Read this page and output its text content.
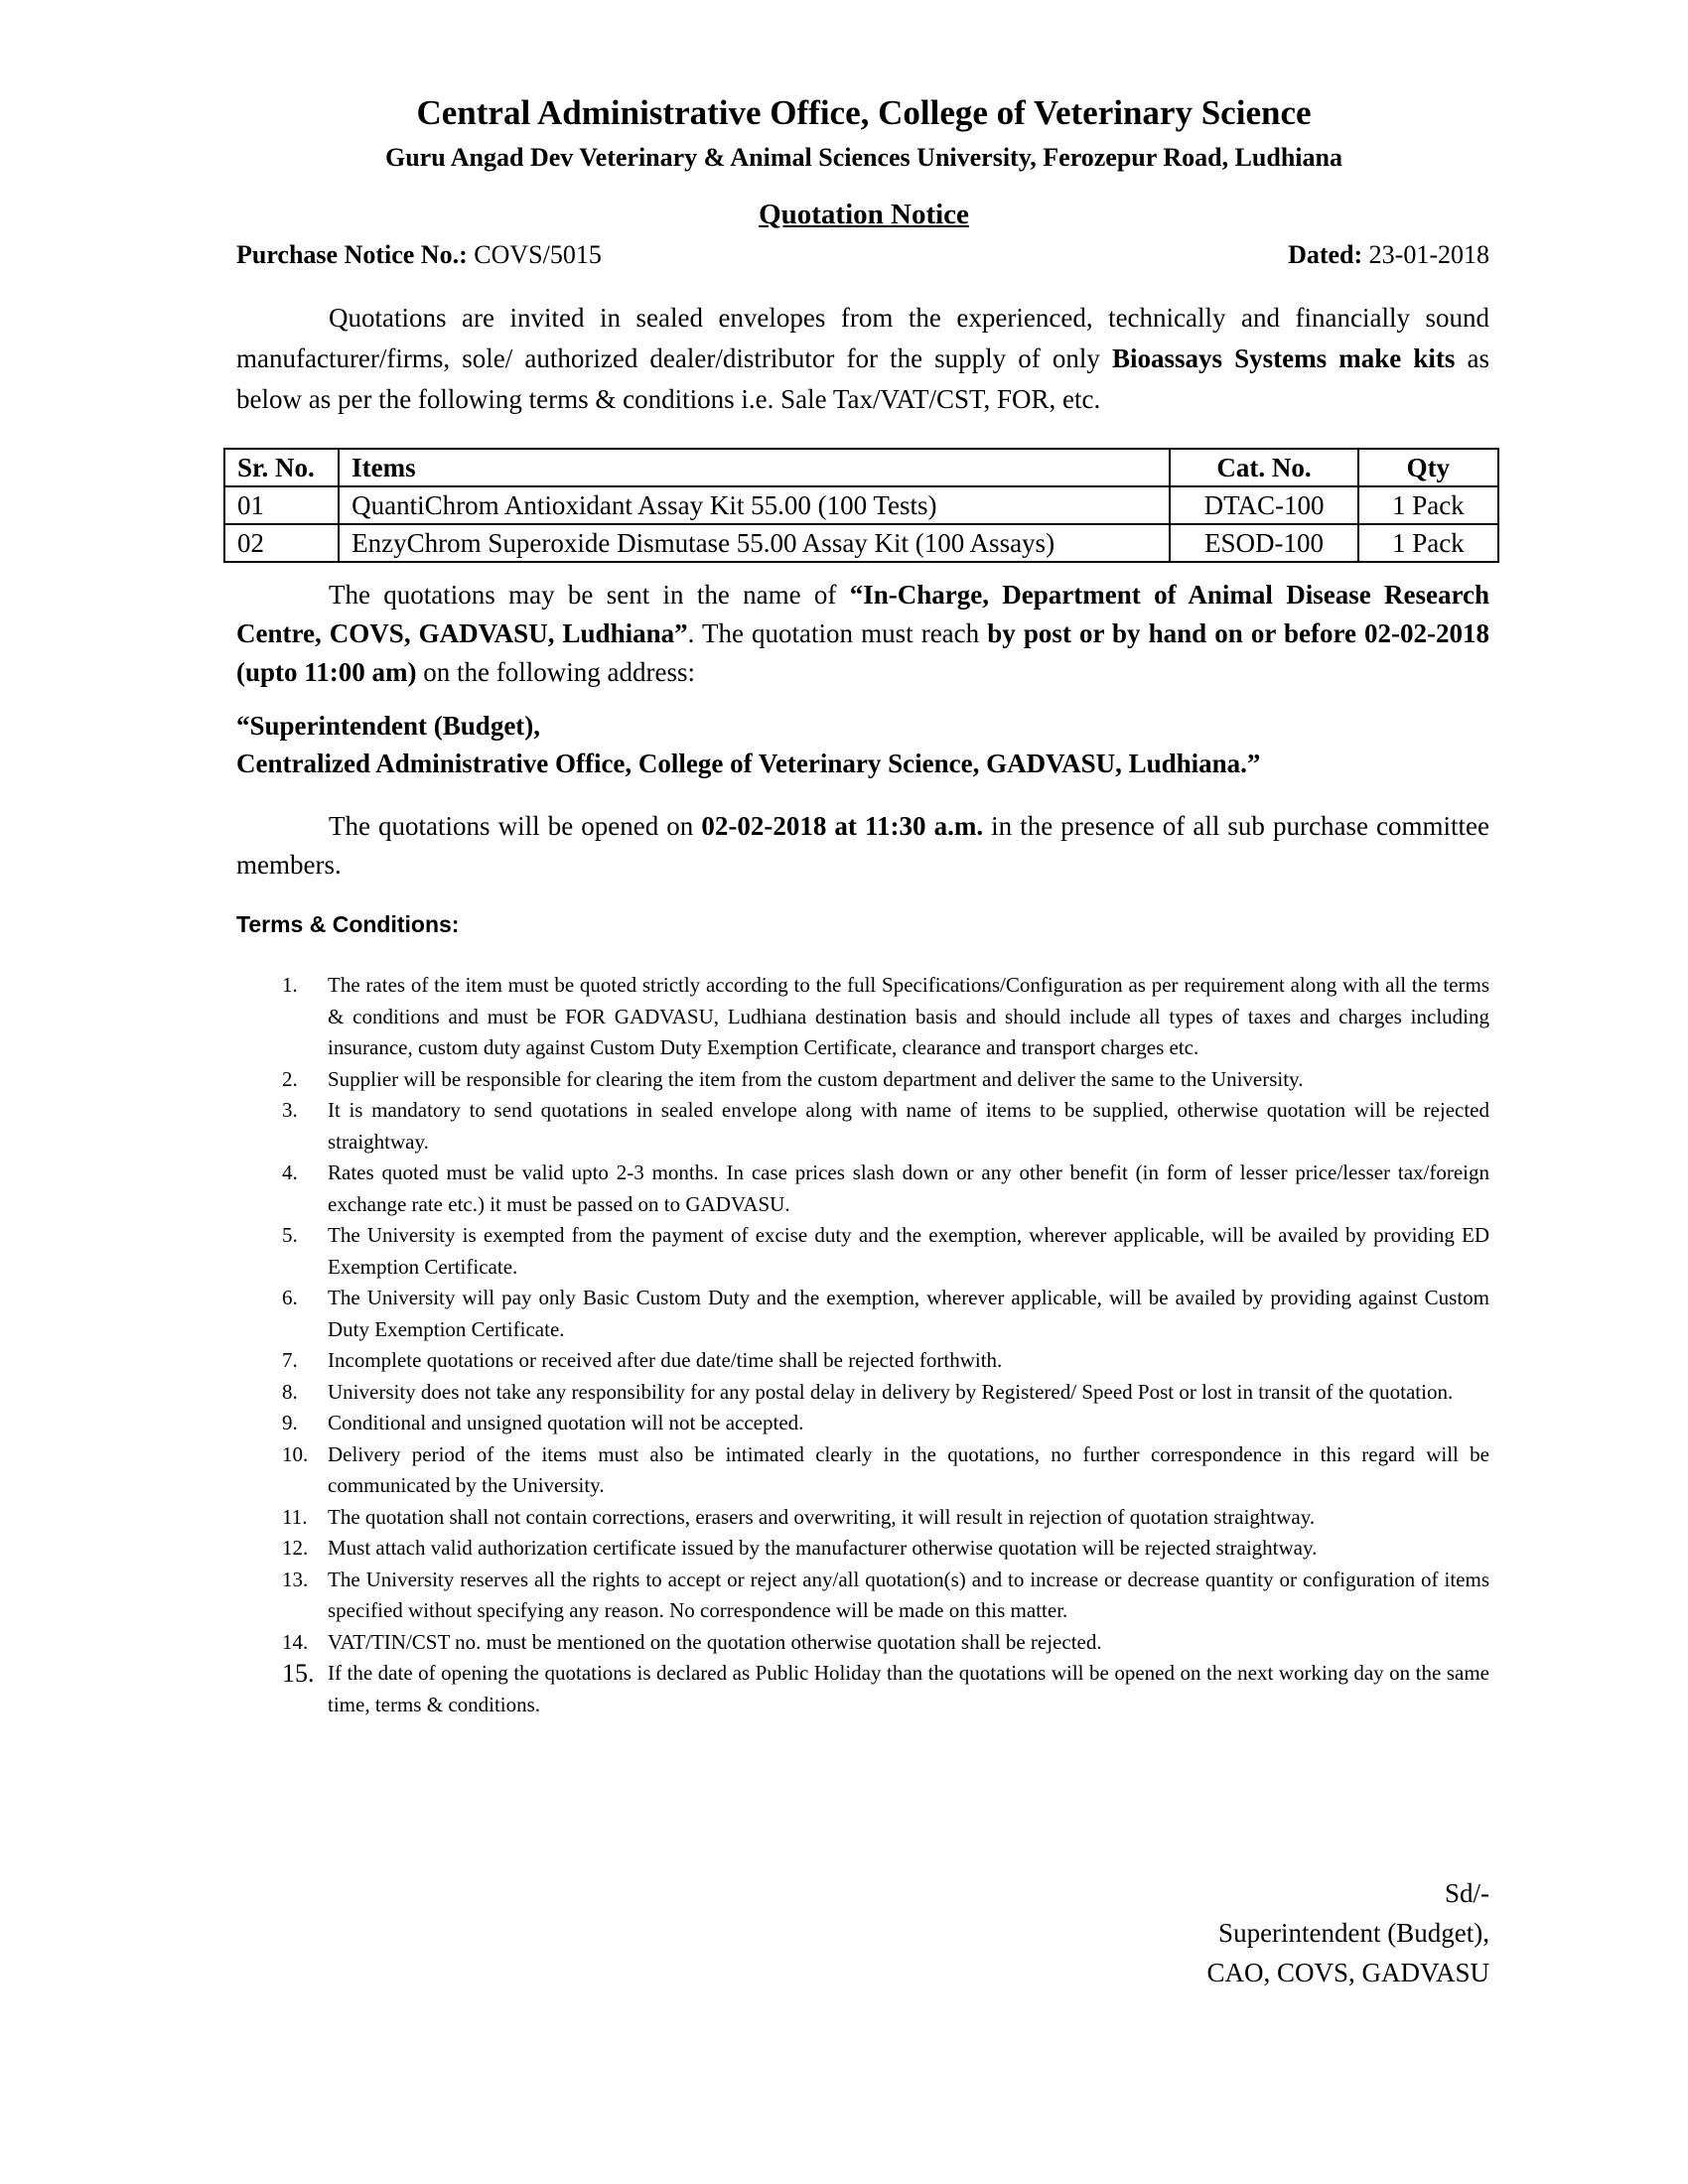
Central Administrative Office, College of Veterinary Science
Guru Angad Dev Veterinary & Animal Sciences University, Ferozepur Road, Ludhiana
Quotation Notice
Purchase Notice No.: COVS/5015	Dated: 23-01-2018

Quotations are invited in sealed envelopes from the experienced, technically and financially sound manufacturer/firms, sole/ authorized dealer/distributor for the supply of only Bioassays Systems make kits as below as per the following terms & conditions i.e. Sale Tax/VAT/CST, FOR, etc.

Sr. No.	Items	Cat. No.	Qty
01	QuantiChrom Antioxidant Assay Kit 55.00 (100 Tests)	DTAC-100	1 Pack
02	EnzyChrom Superoxide Dismutase 55.00 Assay Kit (100 Assays)	ESOD-100	1 Pack

The quotations may be sent in the name of “In-Charge, Department of Animal Disease Research Centre, COVS, GADVASU, Ludhiana”. The quotation must reach by post or by hand on or before 02-02-2018 (upto 11:00 am) on the following address:

“Superintendent (Budget),
Centralized Administrative Office, College of Veterinary Science, GADVASU, Ludhiana.”

The quotations will be opened on 02-02-2018 at 11:30 a.m. in the presence of all sub purchase committee members.

Terms & Conditions:
1.	The rates of the item must be quoted strictly according to the full Specifications/Configuration as per requirement along with all the terms & conditions and must be FOR GADVASU, Ludhiana destination basis and should include all types of taxes and charges including insurance, custom duty against Custom Duty Exemption Certificate, clearance and transport charges etc.
2.	Supplier will be responsible for clearing the item from the custom department and deliver the same to the University.
3.	It is mandatory to send quotations in sealed envelope along with name of items to be supplied, otherwise quotation will be rejected straightway.
4.	Rates quoted must be valid upto 2-3 months. In case prices slash down or any other benefit (in form of lesser price/lesser tax/foreign exchange rate etc.) it must be passed on to GADVASU.
5.	The University is exempted from the payment of excise duty and the exemption, wherever applicable, will be availed by providing ED Exemption Certificate.
6.	The University will pay only Basic Custom Duty and the exemption, wherever applicable, will be availed by providing against Custom Duty Exemption Certificate.
7.	Incomplete quotations or received after due date/time shall be rejected forthwith.
8.	University does not take any responsibility for any postal delay in delivery by Registered/ Speed Post or lost in transit of the quotation.
9.	Conditional and unsigned quotation will not be accepted.
10. Delivery period of the items must also be intimated clearly in the quotations, no further correspondence in this regard will be communicated by the University.
11. The quotation shall not contain corrections, erasers and overwriting, it will result in rejection of quotation straightway.
12. Must attach valid authorization certificate issued by the manufacturer otherwise quotation will be rejected straightway.
13. The University reserves all the rights to accept or reject any/all quotation(s) and to increase or decrease quantity or configuration of items specified without specifying any reason. No correspondence will be made on this matter.
14. VAT/TIN/CST no. must be mentioned on the quotation otherwise quotation shall be rejected.
15. If the date of opening the quotations is declared as Public Holiday than the quotations will be opened on the next working day on the same time, terms & conditions.
Sd/-
Superintendent (Budget),
CAO, COVS, GADVASU
